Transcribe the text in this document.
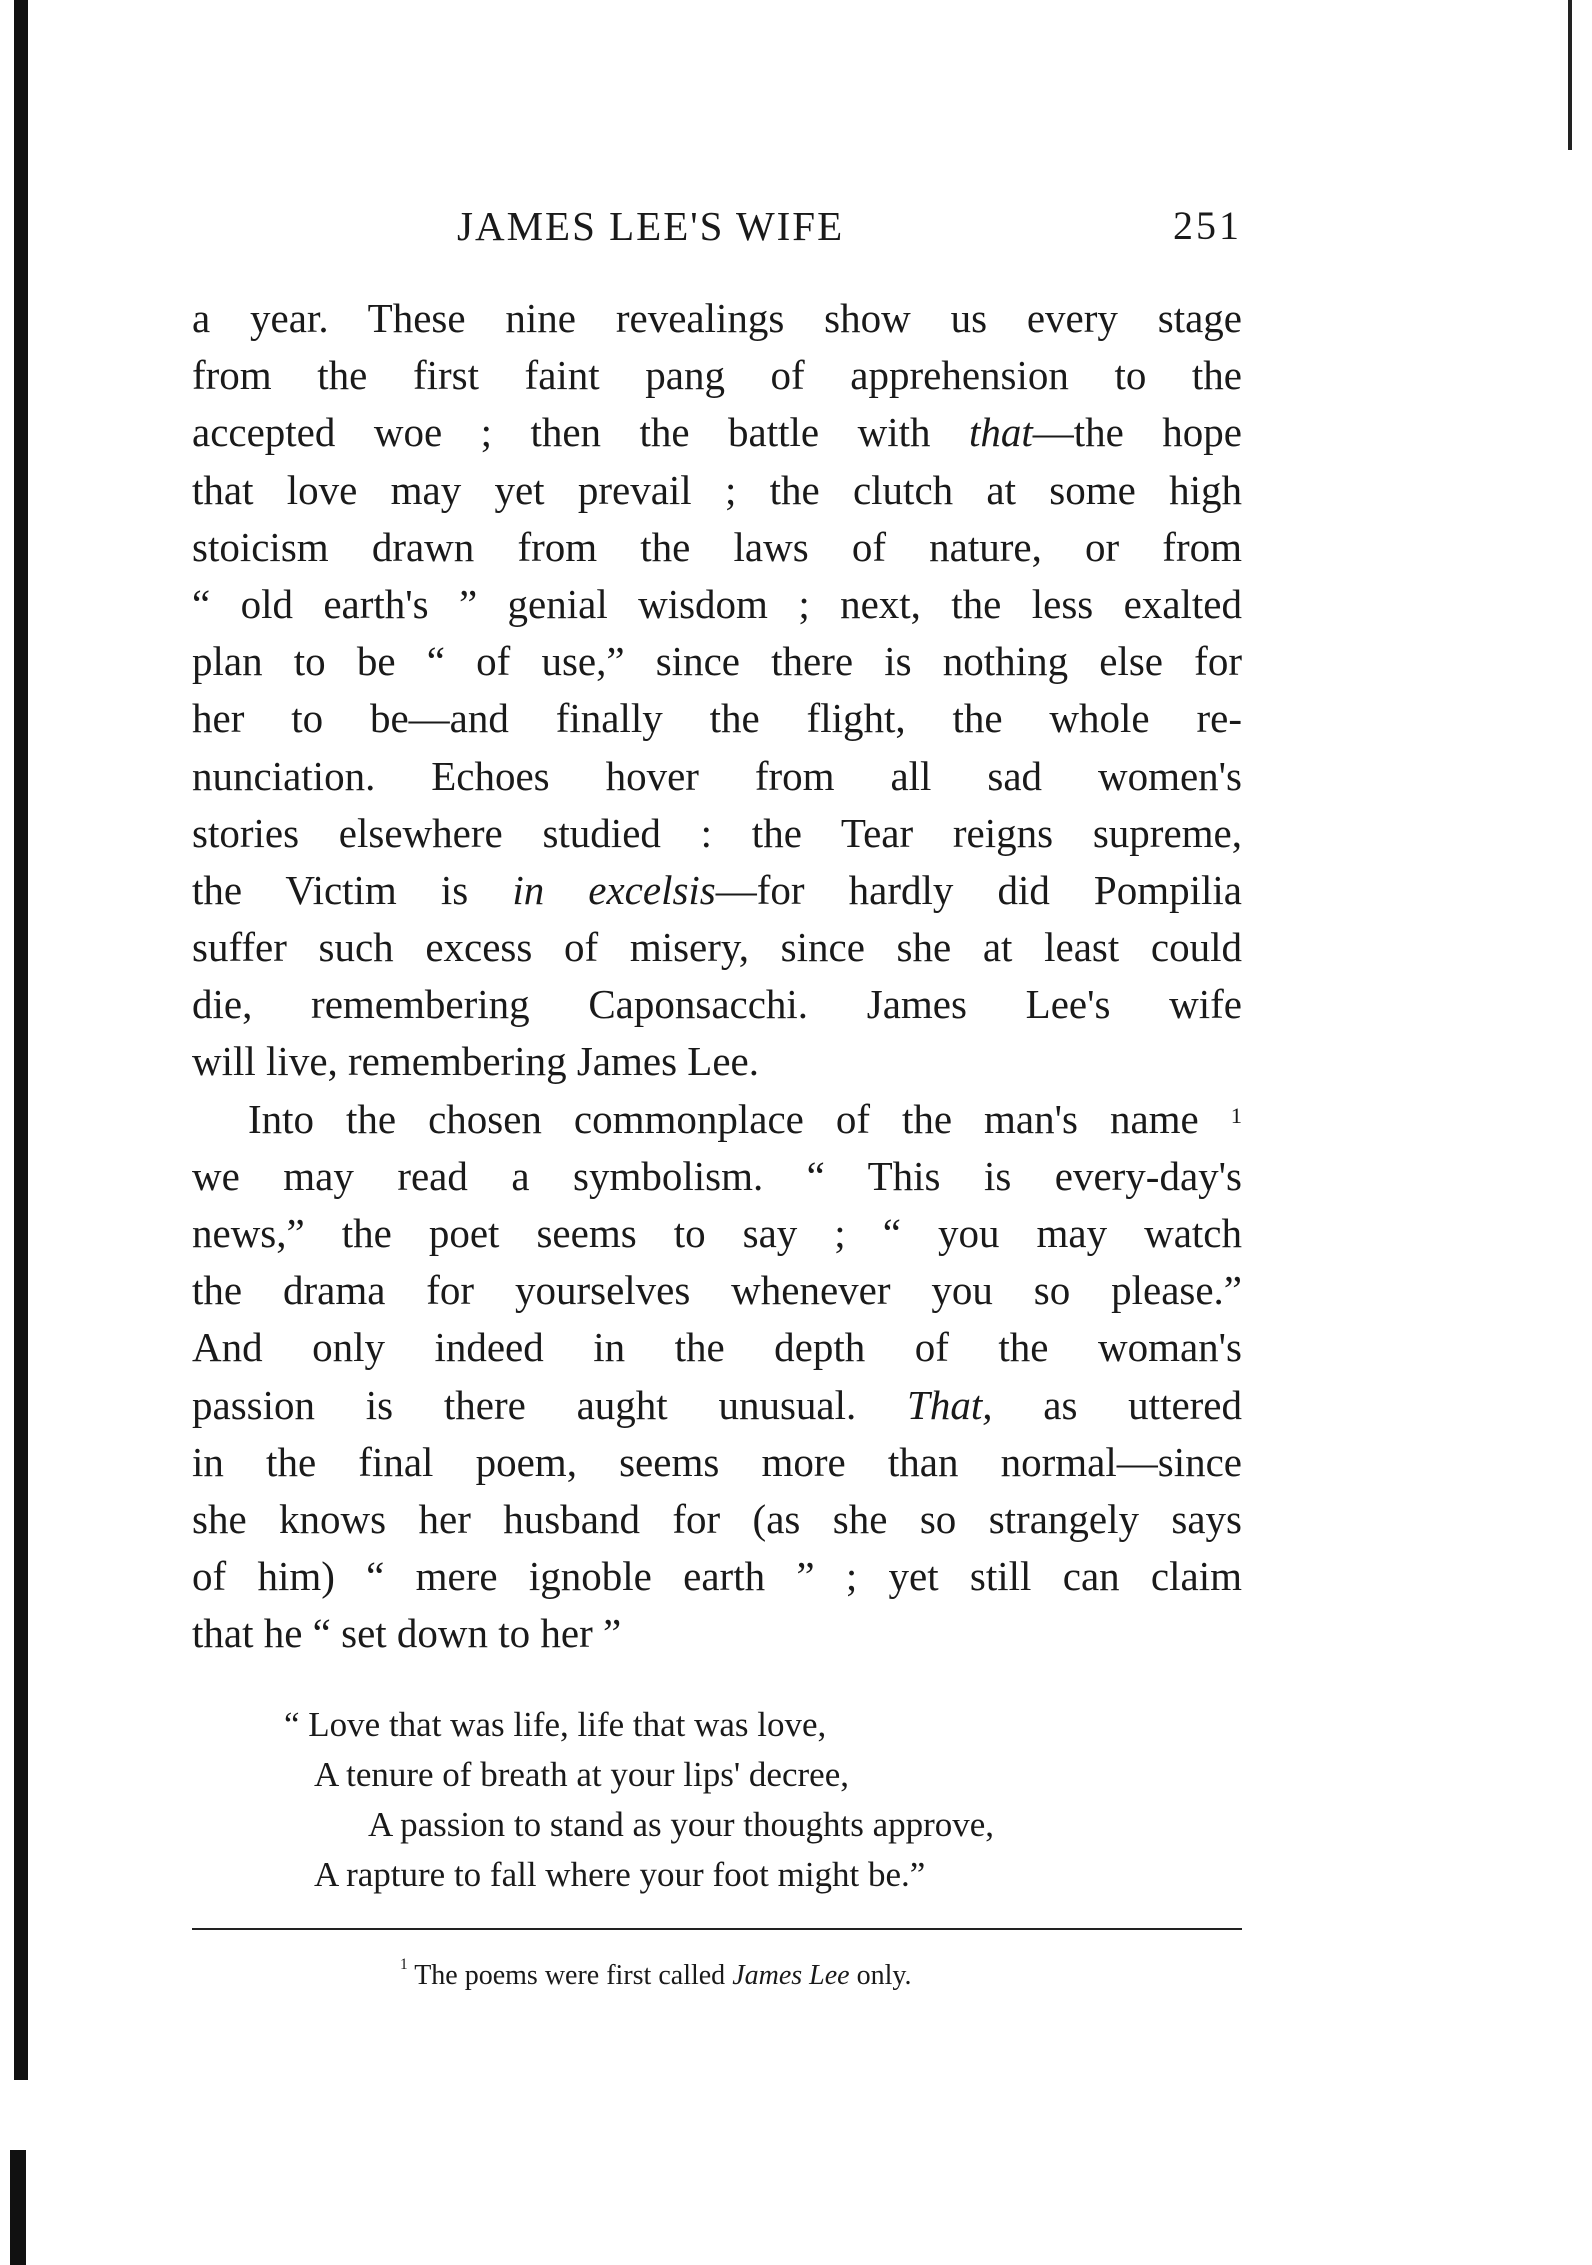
JAMES LEE'S WIFE	251
a year. These nine revealings show us every stage
from the first faint pang of apprehension to the
accepted woe ; then the battle with that—the hope
that love may yet prevail ; the clutch at some high
stoicism drawn from the laws of nature, or from
“ old earth's ” genial wisdom ; next, the less exalted
plan to be “ of use,” since there is nothing else for
her to be—and finally the flight, the whole re-
nunciation. Echoes hover from all sad women's
stories elsewhere studied : the Tear reigns supreme,
the Victim is in excelsis—for hardly did Pompilia
suffer such excess of misery, since she at least could
die, remembering Caponsacchi. James Lee's wife
will live, remembering James Lee.
Into the chosen commonplace of the man's name $^1$
we may read a symbolism. “ This is every-day's
news,” the poet seems to say ; “ you may watch
the drama for yourselves whenever you so please.”
And only indeed in the depth of the woman's
passion is there aught unusual. That, as uttered
in the final poem, seems more than normal—since
she knows her husband for (as she so strangely says
of him) “ mere ignoble earth ” ; yet still can claim
that he “ set down to her ”
“ Love that was life, life that was love,
A tenure of breath at your lips' decree,
A passion to stand as your thoughts approve,
A rapture to fall where your foot might be.”
$^1$ The poems were first called James Lee only.
